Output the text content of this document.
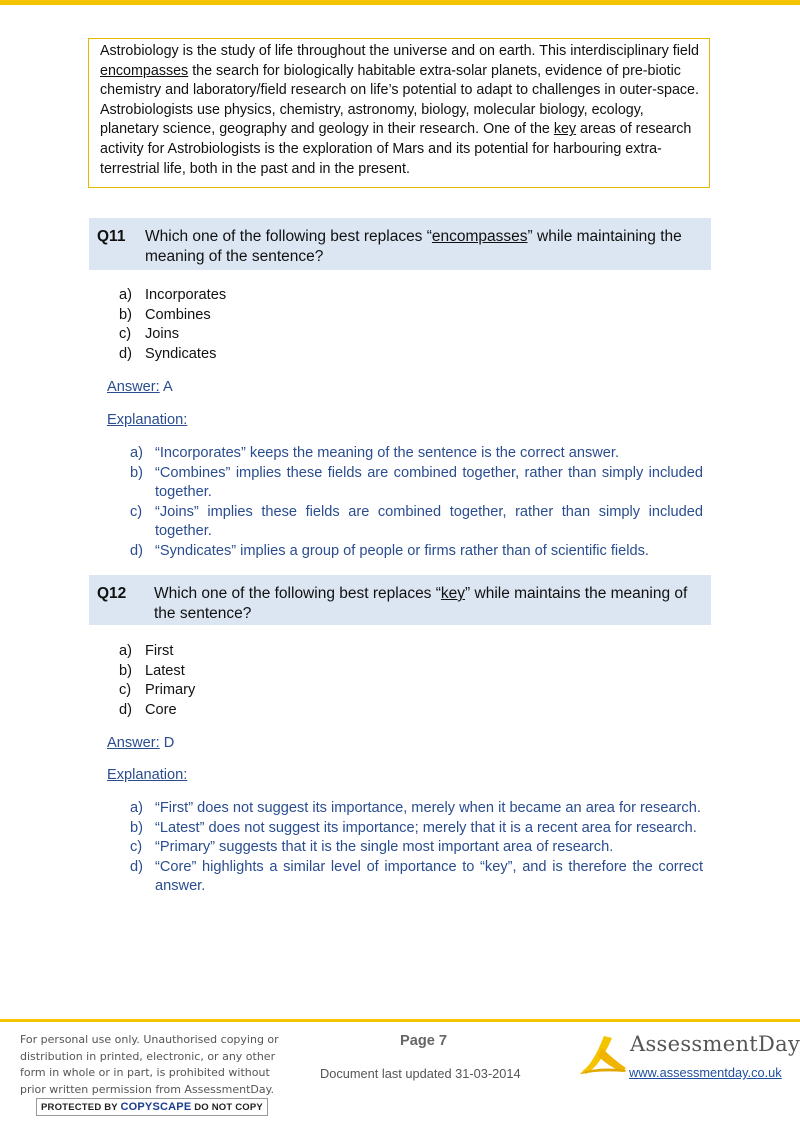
Astrobiology is the study of life throughout the universe and on earth. This interdisciplinary field encompasses the search for biologically habitable extra-solar planets, evidence of pre-biotic chemistry and laboratory/field research on life’s potential to adapt to challenges in outer-space. Astrobiologists use physics, chemistry, astronomy, biology, molecular biology, ecology, planetary science, geography and geology in their research. One of the key areas of research activity for Astrobiologists is the exploration of Mars and its potential for harbouring extra-terrestrial life, both in the past and in the present.
Q11 Which one of the following best replaces “encompasses” while maintaining the meaning of the sentence?
a) Incorporates
b) Combines
c) Joins
d) Syndicates
Answer: A
Explanation:
a) “Incorporates” keeps the meaning of the sentence is the correct answer.
b) “Combines” implies these fields are combined together, rather than simply included together.
c) “Joins” implies these fields are combined together, rather than simply included together.
d) “Syndicates” implies a group of people or firms rather than of scientific fields.
Q12 Which one of the following best replaces “key” while maintains the meaning of the sentence?
a) First
b) Latest
c) Primary
d) Core
Answer: D
Explanation:
a) “First” does not suggest its importance, merely when it became an area for research.
b) “Latest” does not suggest its importance; merely that it is a recent area for research.
c) “Primary” suggests that it is the single most important area of research.
d) “Core” highlights a similar level of importance to “key”, and is therefore the correct answer.
For personal use only. Unauthorised copying or distribution in printed, electronic, or any other form in whole or in part, is prohibited without prior written permission from AssessmentDay.
PROTECTED BY COPYSCAPE DO NOT COPY
Page 7
Document last updated 31-03-2014
AssessmentDay
www.assessmentday.co.uk
